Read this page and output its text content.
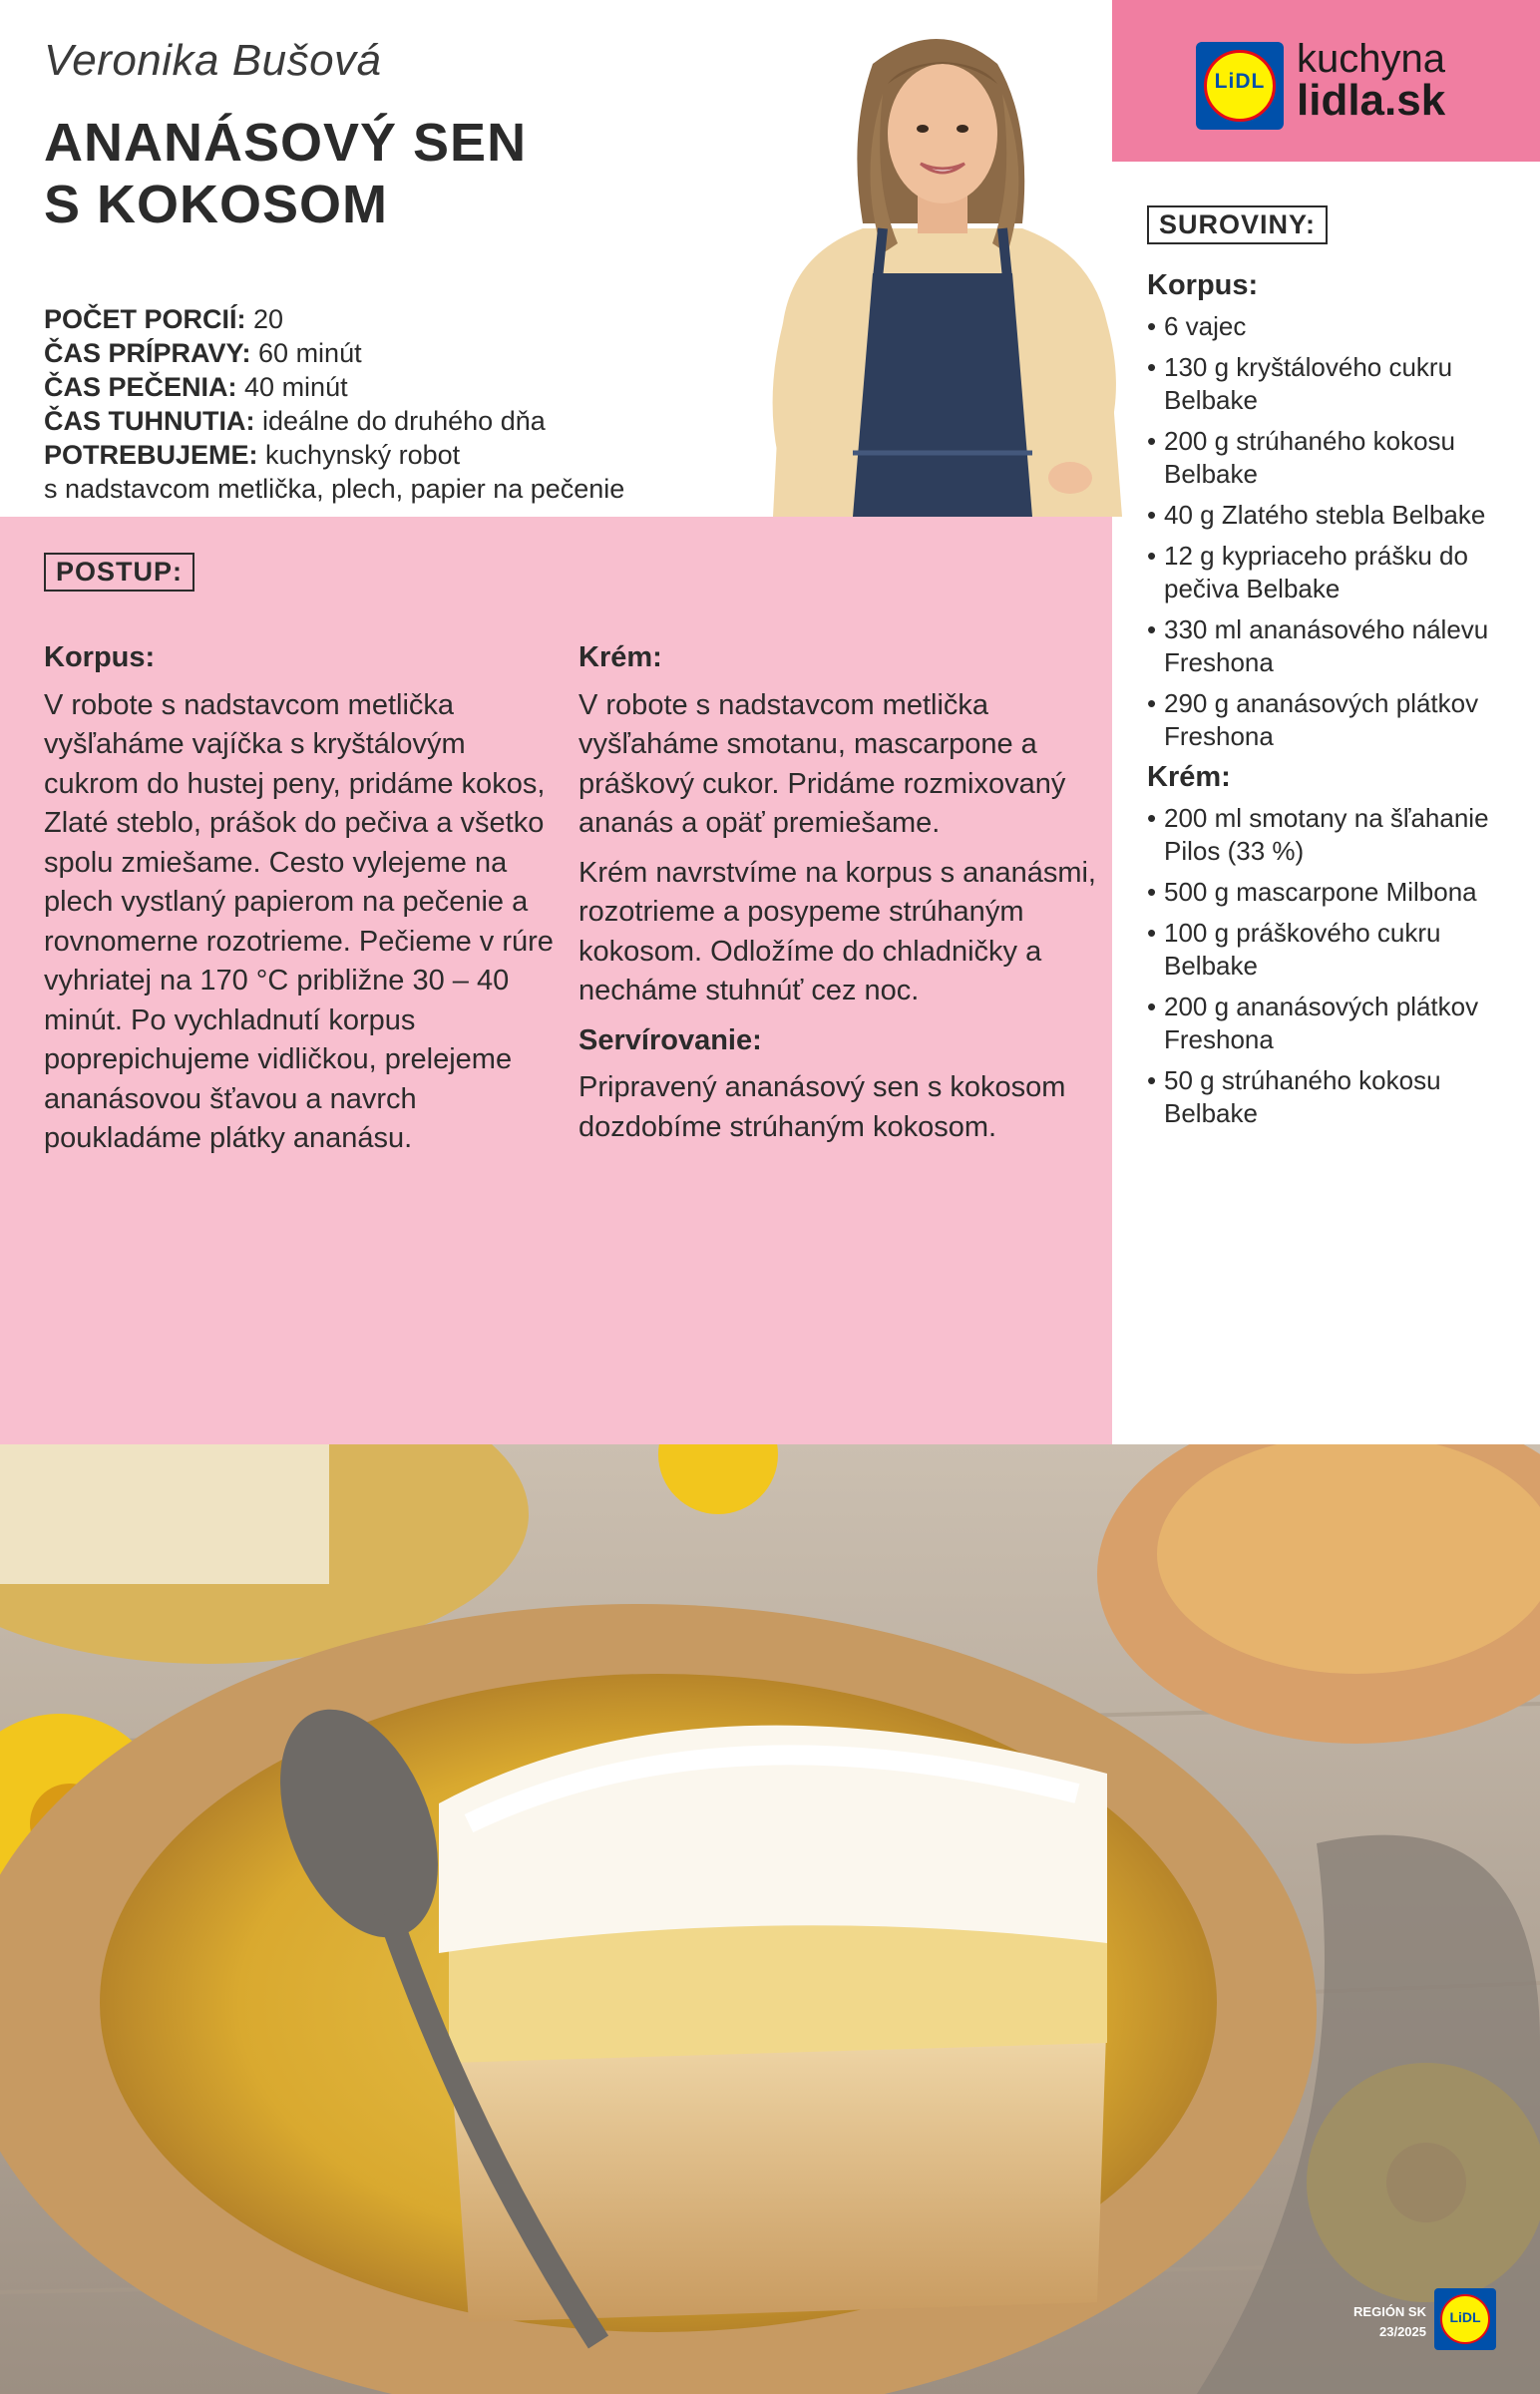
Veronika Bušová
ANANÁSOVÝ SEN
S KOKOSOM
POČET PORCIÍ: 20
ČAS PRÍPRAVY: 60 minút
ČAS PEČENIA: 40 minút
ČAS TUHNUTIA: ideálne do druhého dňa
POTREBUJEME: kuchynský robot
s nadstavcom metlička, plech, papier na pečenie
LiDL
kuchyna
lidla.sk
POSTUP:
Korpus:

V robote s nadstavcom metlička vyšľaháme vajíčka s kryštálovým cukrom do hustej peny, pridáme kokos, Zlaté steblo, prášok do pečiva a všetko spolu zmiešame. Cesto vylejeme na plech vystlaný papierom na pečenie a rovnomerne rozotrieme. Pečieme v rúre vyhriatej na 170 °C približne 30 – 40 minút. Po vychladnutí korpus poprepichujeme vidličkou, prelejeme ananásovou šťavou a navrch poukladáme plátky ananásu.

Krém:

V robote s nadstavcom metlička vyšľaháme smotanu, mascarpone a práškový cukor. Pridáme rozmixovaný ananás a opäť premiešame.

Krém navrstvíme na korpus s ananásmi, rozotrieme a posypeme strúhaným kokosom. Odložíme do chladničky a necháme stuhnúť cez noc.

Servírovanie:

Pripravený ananásový sen s kokosom dozdobíme strúhaným kokosom.

SUROVINY:
Korpus:
• 6 vajec
• 130 g kryštálového cukru Belbake
• 200 g strúhaného kokosu Belbake
• 40 g Zlatého stebla Belbake
• 12 g kypriaceho prášku do pečiva Belbake
• 330 ml ananásového nálevu Freshona
• 290 g ananásových plátkov Freshona
Krém:
• 200 ml smotany na šľahanie Pilos (33 %)
• 500 g mascarpone Milbona
• 100 g práškového cukru Belbake
• 200 g ananásových plátkov Freshona
• 50 g strúhaného kokosu Belbake
REGIÓN SK
23/2025
LiDL
